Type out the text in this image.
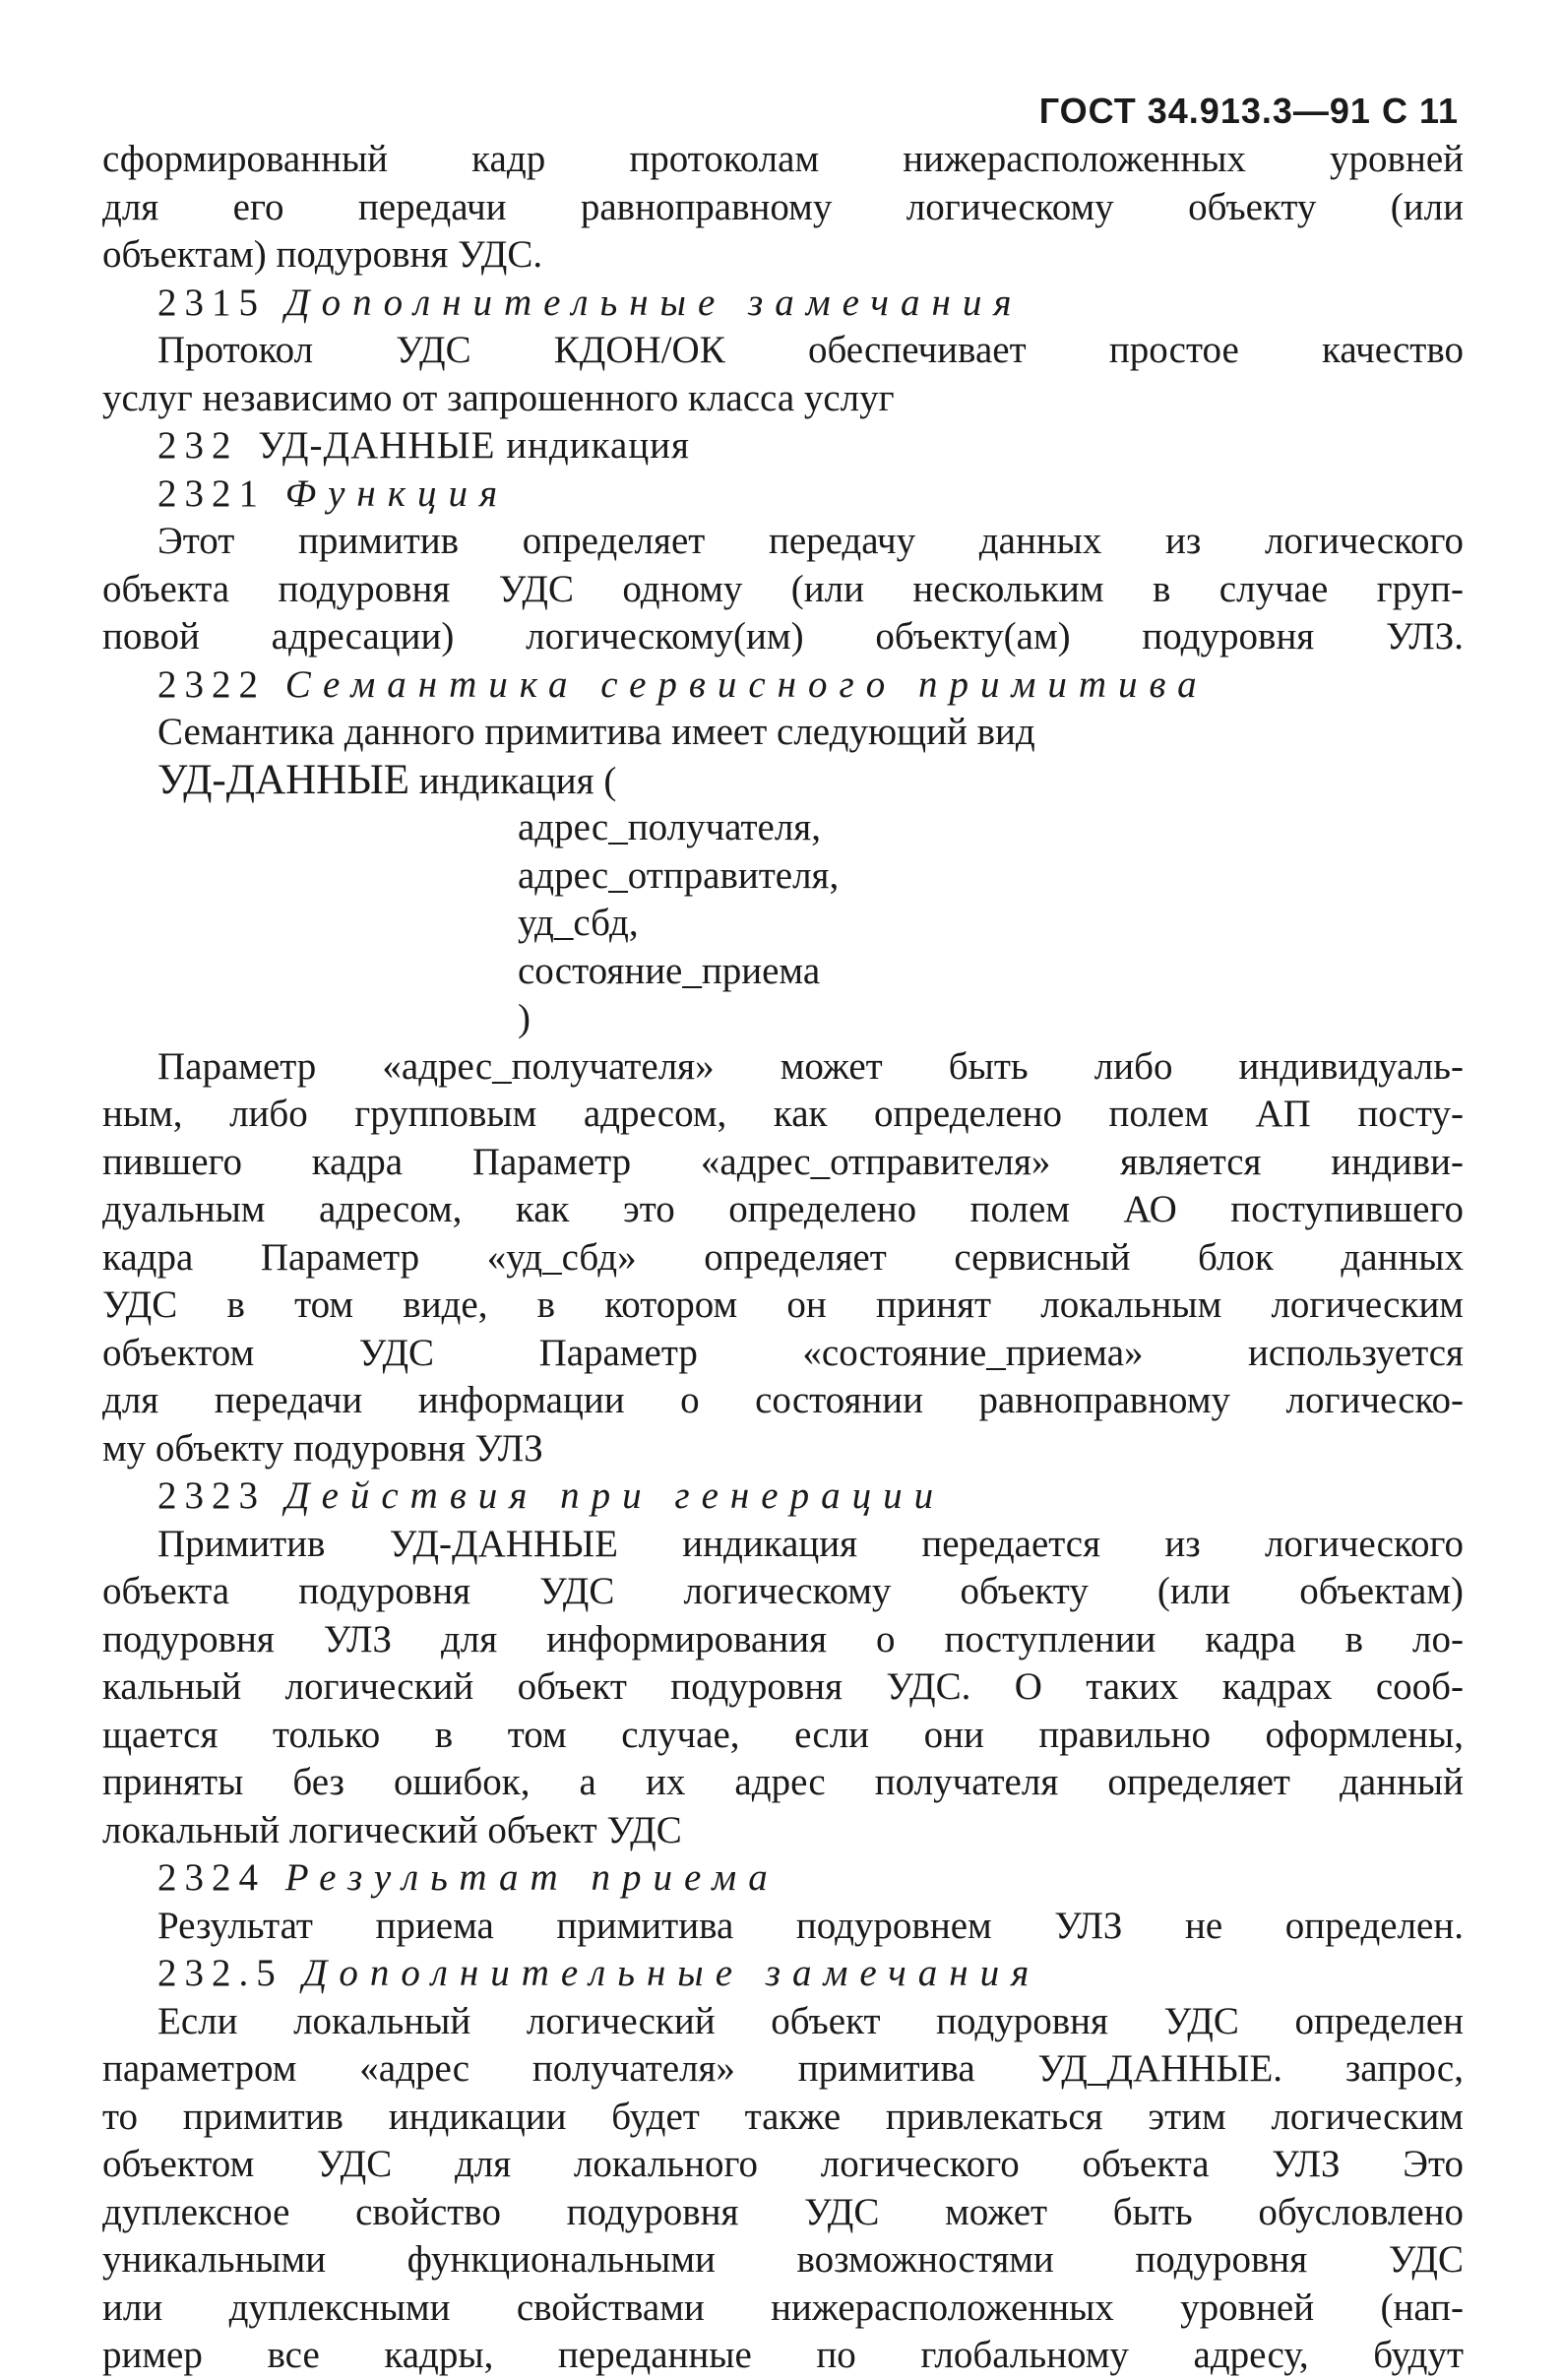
ГОСТ 34.913.3—91 С 11
сформированный кадр протоколам нижерасположенных уровней
для его передачи равноправному логическому объекту (или
объектам) подуровня УДС.
2315 Дополнительные замечания
Протокол УДС КДОН/ОК обеспечивает простое качество
услуг независимо от запрошенного класса услуг
232 УД-ДАННЫЕ индикация
2321 Функция
Этот примитив определяет передачу данных из логического
объекта подуровня УДС одному (или нескольким в случае груп-
повой адресации) логическому(им) объекту(ам) подуровня УЛЗ.
2322 Семантика сервисного примитива
Семантика данного примитива имеет следующий вид
УД-ДАННЫЕ индикация (
адрес_получателя,
адрес_отправителя,
уд_сбд,
состояние_приема
)
Параметр «адрес_получателя» может быть либо индивидуаль-
ным, либо групповым адресом, как определено полем АП посту-
пившего кадра Параметр «адрес_отправителя» является индиви-
дуальным адресом, как это определено полем АО поступившего
кадра Параметр «уд_сбд» определяет сервисный блок данных
УДС в том виде, в котором он принят локальным логическим
объектом УДС Параметр «состояние_приема» используется
для передачи информации о состоянии равноправному логическо-
му объекту подуровня УЛЗ
2323 Действия при генерации
Примитив УД-ДАННЫЕ индикация передается из логического
объекта подуровня УДС логическому объекту (или объектам)
подуровня УЛЗ для информирования о поступлении кадра в ло-
кальный логический объект подуровня УДС. О таких кадрах сооб-
щается только в том случае, если они правильно оформлены,
приняты без ошибок, а их адрес получателя определяет данный
локальный логический объект УДС
2324 Результат приема
Результат приема примитива подуровнем УЛЗ не определен.
232.5 Дополнительные замечания
Если локальный логический объект подуровня УДС определен
параметром «адрес получателя» примитива УД_ДАННЫЕ. запрос,
то примитив индикации будет также привлекаться этим логическим
объектом УДС для локального логического объекта УЛЗ Это
дуплексное свойство подуровня УДС может быть обусловлено
уникальными функциональными возможностями подуровня УДС
или дуплексными свойствами нижерасположенных уровней (нап-
ример все кадры, переданные по глобальному адресу, будут
